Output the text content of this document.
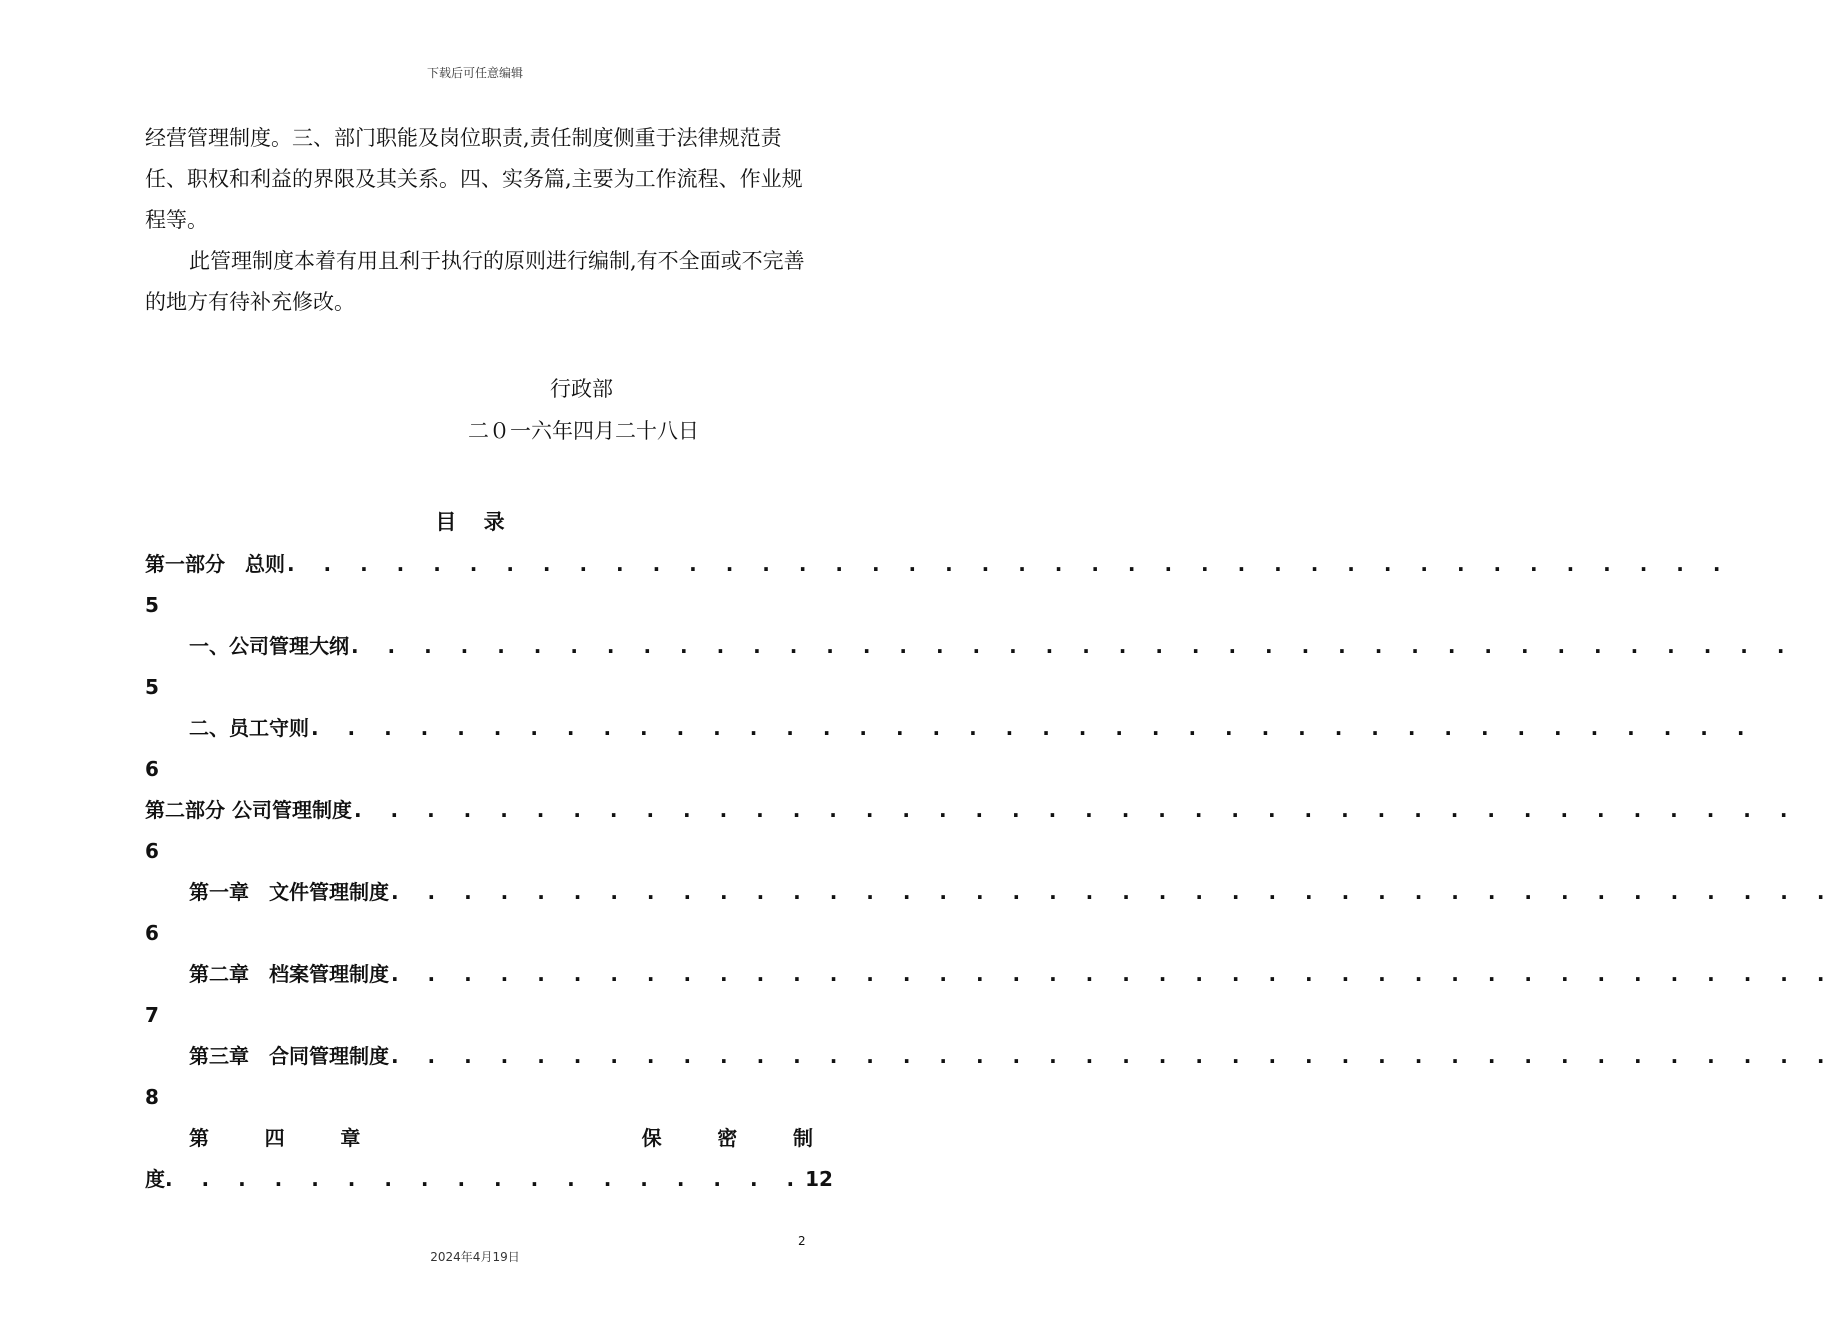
下载后可任意编辑

经营管理制度。三、部门职能及岗位职责,责任制度侧重于法律规范责任、职权和利益的界限及其关系。四、实务篇,主要为工作流程、作业规程等。

此管理制度本着有用且利于执行的原则进行编制,有不全面或不完善的地方有待补充修改。

行政部
二０一六年四月二十八日
目 录
第一部分　总则 . . . . . . . . . . . . . . . . . . . . . . . . . . . . . . . . . . . . . . . .
5
一、公司管理大纲 . . . . . . . . . . . . . . . . . . . . . . . . . . . . . . . . . . . . . . . .
5
二、员工守则 . . . . . . . . . . . . . . . . . . . . . . . . . . . . . . . . . . . . . . . .
6
第二部分 公司管理制度 . . . . . . . . . . . . . . . . . . . . . . . . . . . . . . . . . . . . . . . .
6
第一章　文件管理制度 . . . . . . . . . . . . . . . . . . . . . . . . . . . . . . . . . . . . . . . .
6
第二章　档案管理制度 . . . . . . . . . . . . . . . . . . . . . . . . . . . . . . . . . . . . . . . .
7
第三章　合同管理制度 . . . . . . . . . . . . . . . . . . . . . . . . . . . . . . . . . . . . . . . .
8
第	四	章	保	密	制
度 . . . . . . . . . . . . . . . . . . 12
2
2024年4月19日
